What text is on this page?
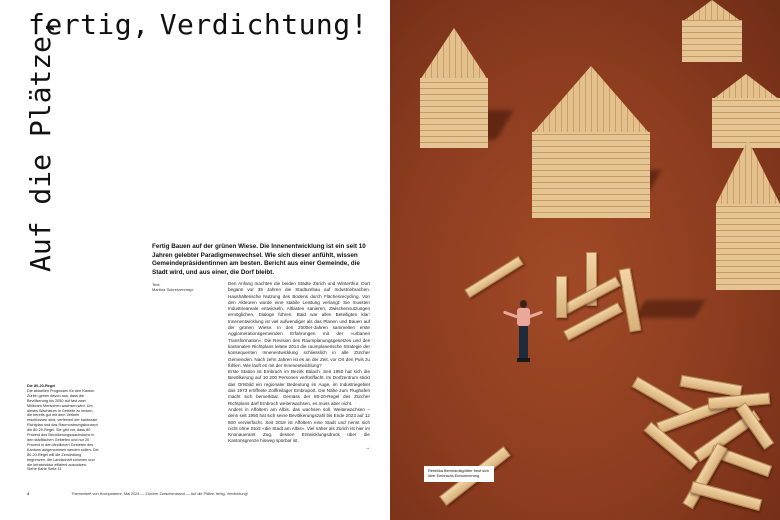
fertig, Verdichtung!
Auf die Plätze,	Fertig Bauen auf der grünen Wiese. Die Innenentwicklung ist ein seit 10 Jahren gelebter Paradigmenwechsel. Wie sich dieser anfühlt, wissen Gemeindepräsidentinnen am besten. Bericht aus einer Gemeinde, die Stadt wird, und aus einer, die Dorf bleibt.
Text:
Martina Schretzenmayr

Den Anfang machten die beiden Städte Zürich und Winterthur. Dort begann vor 35 Jahren die Stadtumbau auf Industriebrachen. Haushälterische Nutzung des Bodens durch Flächenrecycling. Von den Akteuren wurde eine stabile Leistung verlangt: Sie mussten Industrieareale entwickeln, Altlasten sanieren, Zwischennutzungen ermöglichen, Dialoge führen. Bald war allen Beteiligten klar: Innenentwicklung ist viel aufwendiger als das Planen und Bauen auf der grünen Wiese. In den 2000er-Jahren sammelten erste Agglomerationsgemeinden Erfahrungen mit der «urbanen Transformation». Die Revision des Raumplanungsgesetzes und des kantonalen Richtplans leitete 2014 die raumplanerische Strategie der konsequenten Innenentwicklung schliesslich in alle Zürcher Gemeinden. Nach zehn Jahren ist es an der Zeit, vor Ort den Puls zu fühlen. Wie läuft es mit der Innenentwicklung?

Erste Station ist Embrach im Bezirk Bülach. Seit 1950 hat sich die Bevölkerung auf 10 200 Personen verfünffacht. Im Dorfzentrum stickt das Ortsbild ein regionaler Bedeutung im Auge, im Industriegebiet das 1973 eröffnete Zollfreilager Embraport. Die Nähe zum Flughafen macht sich bemerkbar. Gemäss der 80-20-Regel des Zürcher Richtplans darf Embrach weiterwachsen, es muss aber nicht.

Anders in Affoltern am Albis, das wachsen soll. Weiterwachsen – denn seit 1950 hat sich seine Bevölkerungszahl bis Ende 2023 auf 12 800 vervierfacht. Seit 2018 ist Affoltern eine Stadt und nennt sich nicht ohne Stolz «die Stadt am Albis». Viel näher als Zürich ist hier im Knonaueramt Zug, dessen Entwicklungsdruck über die Kantonsgrenze hinweg spürbar ist.

→

Die 80-20-Regel
Die aktuellen Prognosen für den Kanton Zürich gehen davon aus, dass die Bevölkerung bis 2050 auf fast zwei Millionen Menschen wachsen wird. Um dieses Wachstum in Gebiete zu lenken, die bereits gut mit dem Verkehr erschlossen sind, verfeinert der kantonale Richtplan und das Raumordnungskonzept die 80-20-Regel. Sie gibt vor, dass 80 Prozent des Bevölkerungswachstums in den städtischen Gebieten und nur 20 Prozent in den ländlichen Gebieten des Kantons aufgenommen werden sollen. Die 80-20-Regel will die Zersiedlung begrenzen, die Landschaft schonen und die Infrastruktur effizient ausnutzen.
Siehe Karte Seite 11
4	Themenheft von Hochparterre, Mai 2024 — Zürcher Zwischenstand — Auf die Plätze, fertig, Verdichtung!
Rebekka Bernhardsgrütter freut sich über Embrachs Einwohnerung.
